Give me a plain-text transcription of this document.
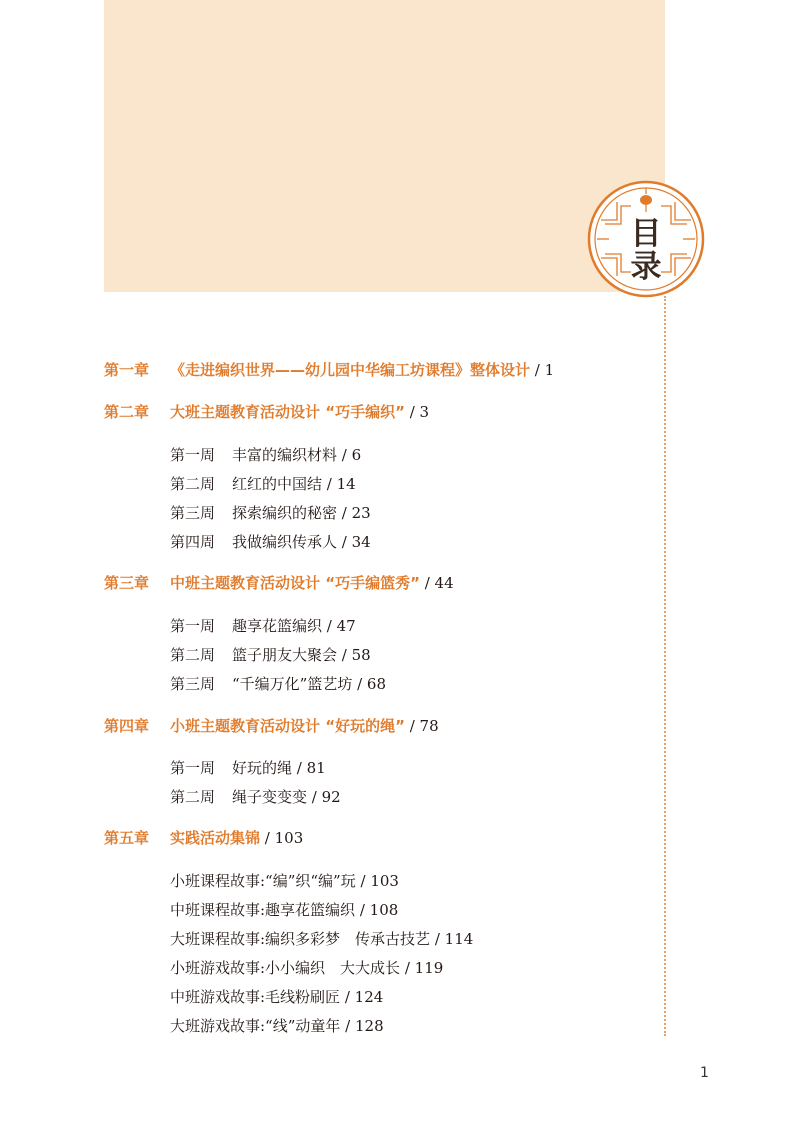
目
录
第一章 《走进编织世界——幼儿园中华编工坊课程》整体设计 / 1
第二章 大班主题教育活动设计 “巧手编织” / 3
第一周 丰富的编织材料 / 6
第二周 红红的中国结 / 14
第三周 探索编织的秘密 / 23
第四周 我做编织传承人 / 34
第三章 中班主题教育活动设计 “巧手编篮秀” / 44
第一周 趣享花篮编织 / 47
第二周 篮子朋友大聚会 / 58
第三周 “千编万化”篮艺坊 / 68
第四章 小班主题教育活动设计 “好玩的绳” / 78
第一周 好玩的绳 / 81
第二周 绳子变变变 / 92
第五章 实践活动集锦 / 103
小班课程故事:“编”织“编”玩 / 103
中班课程故事:趣享花篮编织 / 108
大班课程故事:编织多彩梦　传承古技艺 / 114
小班游戏故事:小小编织　大大成长 / 119
中班游戏故事:毛线粉刷匠 / 124
大班游戏故事:“线”动童年 / 128
1
